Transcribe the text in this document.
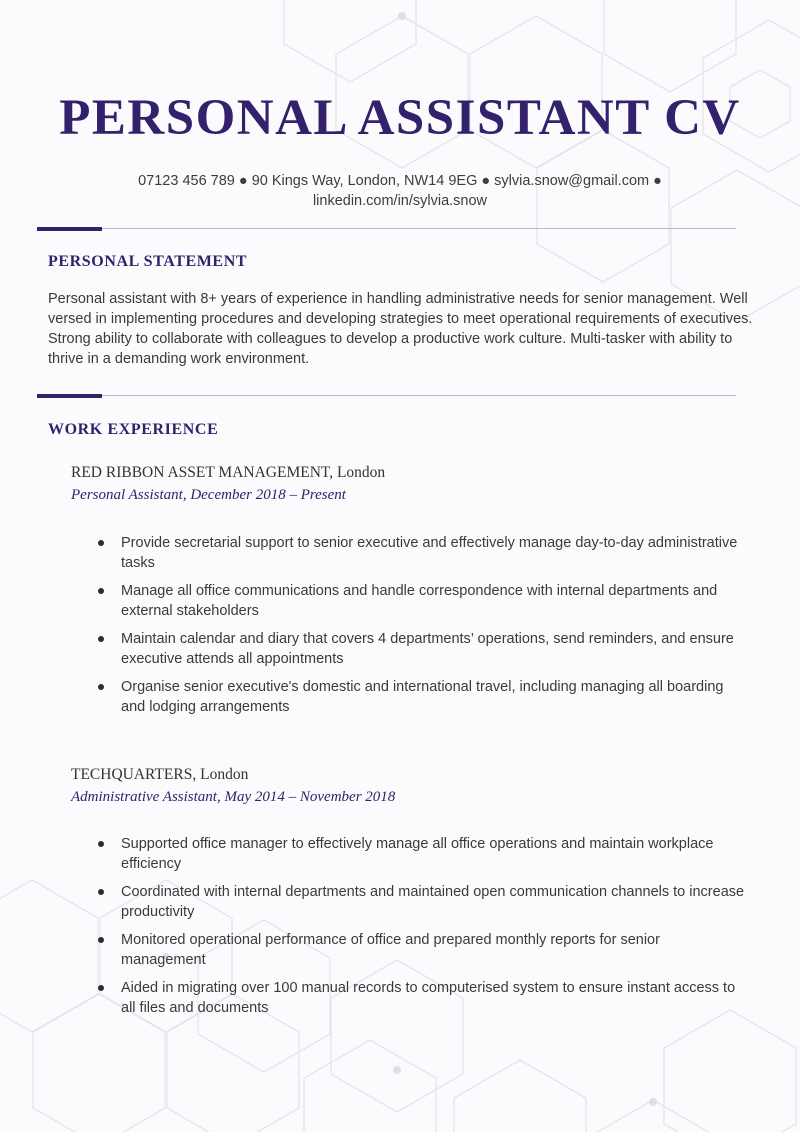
PERSONAL ASSISTANT CV
07123 456 789 ● 90 Kings Way, London, NW14 9EG ● sylvia.snow@gmail.com ●
linkedin.com/in/sylvia.snow
PERSONAL STATEMENT

Personal assistant with 8+ years of experience in handling administrative needs for senior management. Well versed in implementing procedures and developing strategies to meet operational requirements of executives. Strong ability to collaborate with colleagues to develop a productive work culture. Multi-tasker with ability to thrive in a demanding work environment.

WORK EXPERIENCE
RED RIBBON ASSET MANAGEMENT, London
Personal Assistant, December 2018 – Present
Provide secretarial support to senior executive and effectively manage day-to-day administrative tasks
Manage all office communications and handle correspondence with internal departments and external stakeholders
Maintain calendar and diary that covers 4 departments’ operations, send reminders, and ensure executive attends all appointments
Organise senior executive's domestic and international travel, including managing all boarding and lodging arrangements
TECHQUARTERS, London
Administrative Assistant, May 2014 – November 2018
Supported office manager to effectively manage all office operations and maintain workplace efficiency
Coordinated with internal departments and maintained open communication channels to increase productivity
Monitored operational performance of office and prepared monthly reports for senior management
Aided in migrating over 100 manual records to computerised system to ensure instant access to all files and documents
